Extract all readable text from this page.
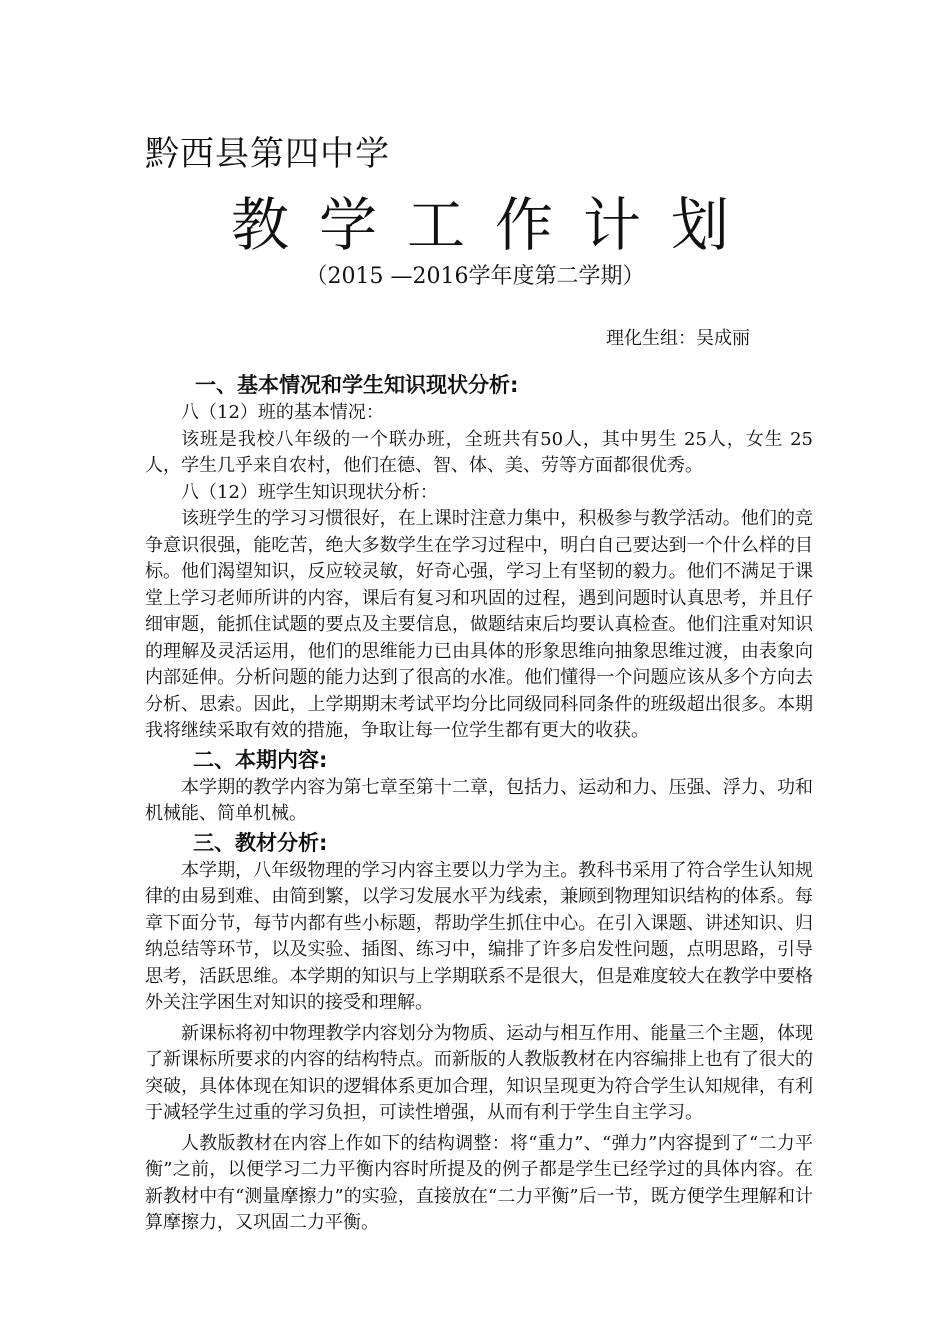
黔西县第四中学
教学工作计划
（2015 —2016学年度第二学期）
理化生组：吴成丽
一、基本情况和学生知识现状分析:

八（12）班的基本情况：

该班是我校八年级的一个联办班，全班共有50人，其中男生 25人，女生 25人，学生几乎来自农村，他们在德、智、体、美、劳等方面都很优秀。

八（12）班学生知识现状分析：

该班学生的学习习惯很好，在上课时注意力集中，积极参与教学活动。他们的竞争意识很强，能吃苦，绝大多数学生在学习过程中，明白自己要达到一个什么样的目标。他们渴望知识，反应较灵敏，好奇心强，学习上有坚韧的毅力。他们不满足于课堂上学习老师所讲的内容，课后有复习和巩固的过程，遇到问题时认真思考，并且仔细审题，能抓住试题的要点及主要信息，做题结束后均要认真检查。他们注重对知识的理解及灵活运用，他们的思维能力已由具体的形象思维向抽象思维过渡，由表象向内部延伸。分析问题的能力达到了很高的水准。他们懂得一个问题应该从多个方向去分析、思索。因此，上学期期末考试平均分比同级同科同条件的班级超出很多。本期我将继续采取有效的措施，争取让每一位学生都有更大的收获。

二、本期内容:

本学期的教学内容为第七章至第十二章，包括力、运动和力、压强、浮力、功和机械能、简单机械。

三、教材分析:

本学期，八年级物理的学习内容主要以力学为主。教科书采用了符合学生认知规律的由易到难、由简到繁，以学习发展水平为线索，兼顾到物理知识结构的体系。每章下面分节，每节内都有些小标题，帮助学生抓住中心。在引入课题、讲述知识、归纳总结等环节，以及实验、插图、练习中，编排了许多启发性问题，点明思路，引导思考，活跃思维。本学期的知识与上学期联系不是很大，但是难度较大在教学中要格外关注学困生对知识的接受和理解。

新课标将初中物理教学内容划分为物质、运动与相互作用、能量三个主题，体现了新课标所要求的内容的结构特点。而新版的人教版教材在内容编排上也有了很大的突破，具体体现在知识的逻辑体系更加合理，知识呈现更为符合学生认知规律，有利于减轻学生过重的学习负担，可读性增强，从而有利于学生自主学习。

人教版教材在内容上作如下的结构调整：将“重力”、“弹力”内容提到了“二力平衡”之前，以便学习二力平衡内容时所提及的例子都是学生已经学过的具体内容。在新教材中有“测量摩擦力”的实验，直接放在“二力平衡”后一节，既方便学生理解和计算摩擦力，又巩固二力平衡。
